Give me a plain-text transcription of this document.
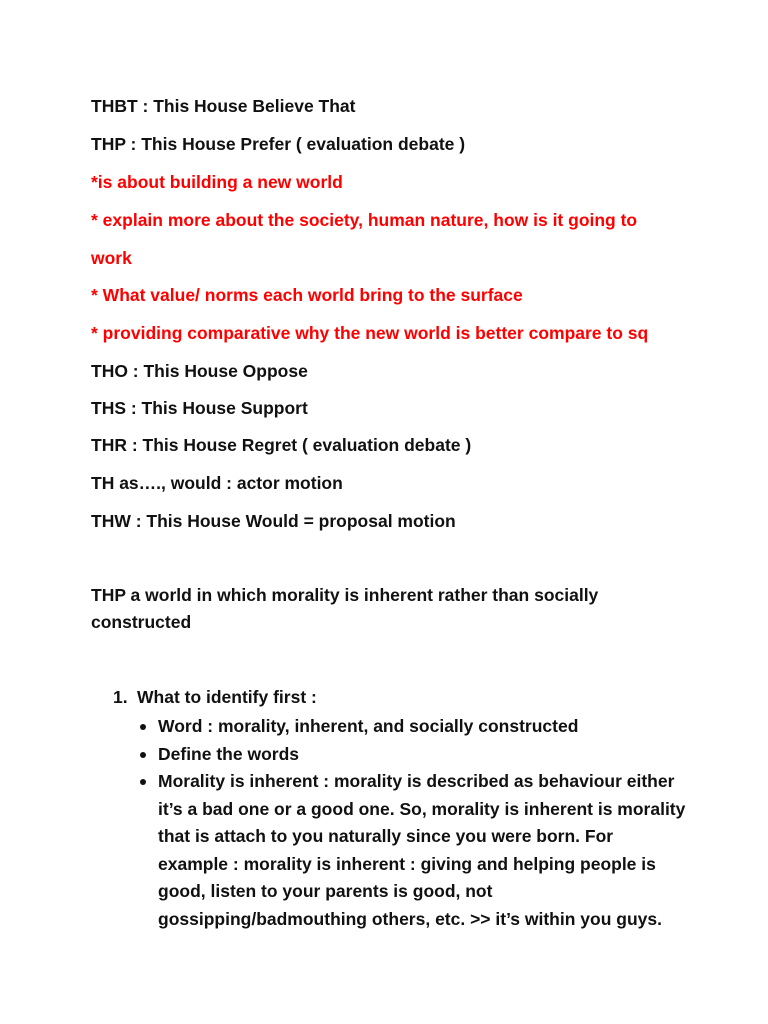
THBT : This House Believe That
THP : This House Prefer ( evaluation debate )
*is about building a new world
* explain more about the society, human nature, how is it going to
work
* What value/ norms each world bring to the surface
* providing comparative why the new world is better compare to sq
THO : This House Oppose
THS : This House Support
THR : This House Regret ( evaluation debate )
TH as…., would : actor motion
THW : This House Would = proposal motion
THP a world in which morality is inherent rather than socially constructed
1. What to identify first :
Word : morality, inherent, and socially constructed
Define the words
Morality is inherent : morality is described as behaviour either it’s a bad one or a good one. So, morality is inherent is morality that is attach to you naturally since you were born. For example : morality is inherent : giving and helping people is good, listen to your parents is good, not gossipping/badmouthing others, etc. >> it’s within you guys.
